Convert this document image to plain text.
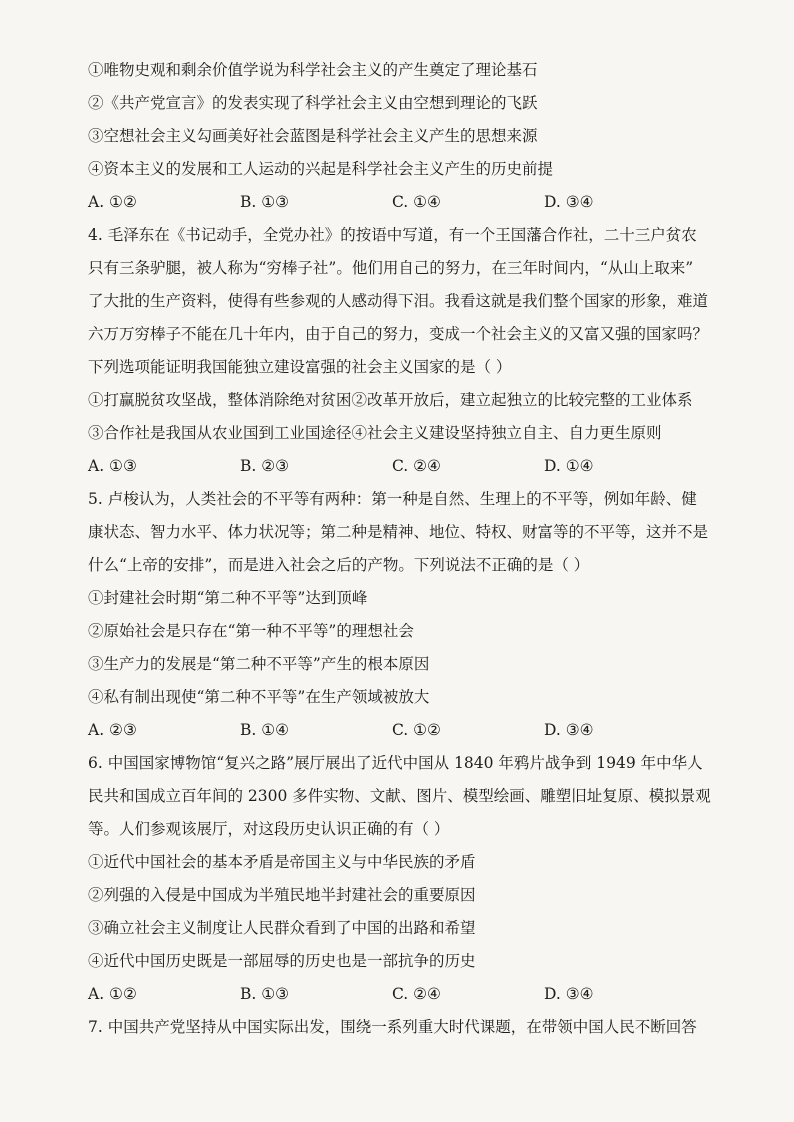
①唯物史观和剩余价值学说为科学社会主义的产生奠定了理论基石
②《共产党宣言》的发表实现了科学社会主义由空想到理论的飞跃
③空想社会主义勾画美好社会蓝图是科学社会主义产生的思想来源
④资本主义的发展和工人运动的兴起是科学社会主义产生的历史前提
A. ①②	B. ①③	C. ①④	D. ③④
4. 毛泽东在《书记动手，全党办社》的按语中写道，有一个王国藩合作社，二十三户贫农
只有三条驴腿，被人称为“穷棒子社”。他们用自己的努力，在三年时间内，“从山上取来”
了大批的生产资料，使得有些参观的人感动得下泪。我看这就是我们整个国家的形象，难道
六万万穷棒子不能在几十年内，由于自己的努力，变成一个社会主义的又富又强的国家吗？
下列选项能证明我国能独立建设富强的社会主义国家的是（ ）
①打赢脱贫攻坚战，整体消除绝对贫困②改革开放后，建立起独立的比较完整的工业体系
③合作社是我国从农业国到工业国途径④社会主义建设坚持独立自主、自力更生原则
A. ①③	B. ②③	C. ②④	D. ①④
5. 卢梭认为，人类社会的不平等有两种：第一种是自然、生理上的不平等，例如年龄、健
康状态、智力水平、体力状况等；第二种是精神、地位、特权、财富等的不平等，这并不是
什么“上帝的安排”，而是进入社会之后的产物。下列说法不正确的是（ ）
①封建社会时期“第二种不平等”达到顶峰
②原始社会是只存在“第一种不平等”的理想社会
③生产力的发展是“第二种不平等”产生的根本原因
④私有制出现使“第二种不平等”在生产领域被放大
A. ②③	B. ①④	C. ①②	D. ③④
6. 中国国家博物馆“复兴之路”展厅展出了近代中国从 1840 年鸦片战争到 1949 年中华人
民共和国成立百年间的 2300 多件实物、文献、图片、模型绘画、雕塑旧址复原、模拟景观
等。人们参观该展厅，对这段历史认识正确的有（ ）
①近代中国社会的基本矛盾是帝国主义与中华民族的矛盾
②列强的入侵是中国成为半殖民地半封建社会的重要原因
③确立社会主义制度让人民群众看到了中国的出路和希望
④近代中国历史既是一部屈辱的历史也是一部抗争的历史
A. ①②	B. ①③	C. ②④	D. ③④
7. 中国共产党坚持从中国实际出发，围绕一系列重大时代课题，在带领中国人民不断回答
